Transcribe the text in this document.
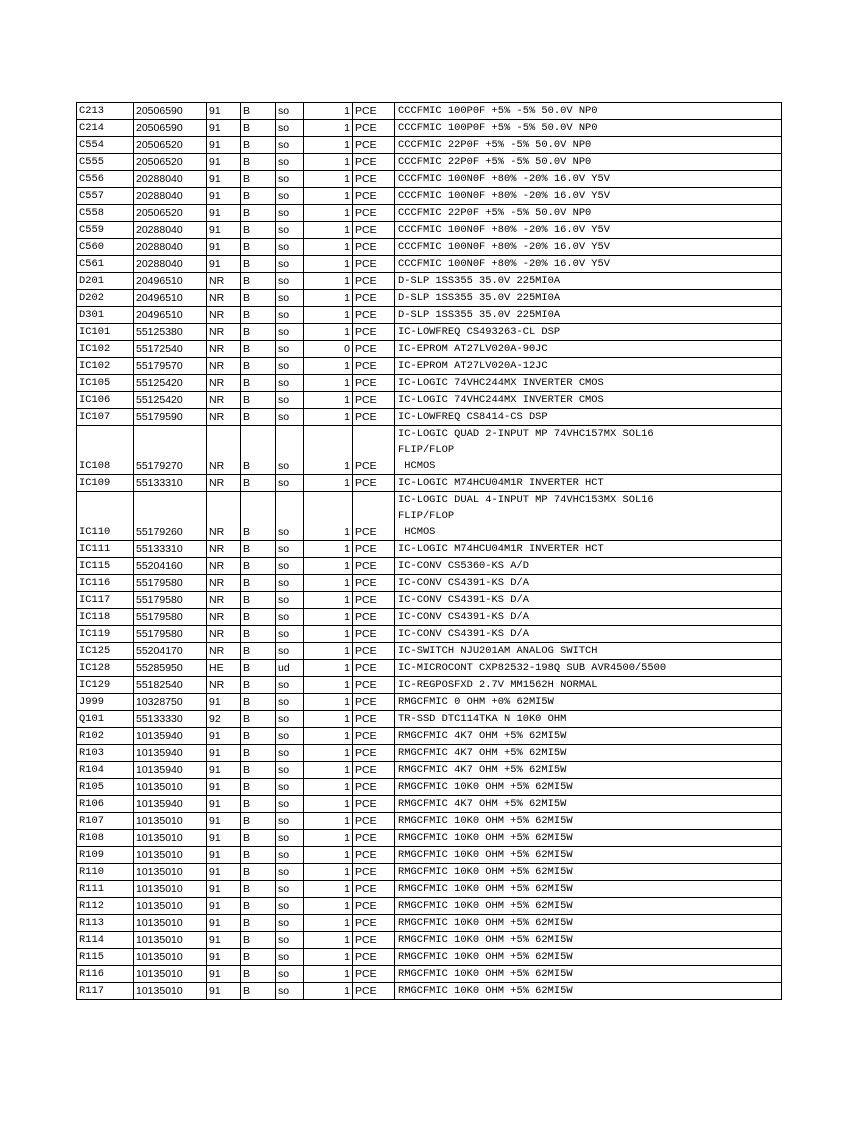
C213	20506590	91	B	so	1	PCE	CCCFMIC 100P0F +5% -5% 50.0V NP0
C214	20506590	91	B	so	1	PCE	CCCFMIC 100P0F +5% -5% 50.0V NP0
C554	20506520	91	B	so	1	PCE	CCCFMIC 22P0F +5% -5% 50.0V NP0
C555	20506520	91	B	so	1	PCE	CCCFMIC 22P0F +5% -5% 50.0V NP0
C556	20288040	91	B	so	1	PCE	CCCFMIC 100N0F +80% -20% 16.0V Y5V
C557	20288040	91	B	so	1	PCE	CCCFMIC 100N0F +80% -20% 16.0V Y5V
C558	20506520	91	B	so	1	PCE	CCCFMIC 22P0F +5% -5% 50.0V NP0
C559	20288040	91	B	so	1	PCE	CCCFMIC 100N0F +80% -20% 16.0V Y5V
C560	20288040	91	B	so	1	PCE	CCCFMIC 100N0F +80% -20% 16.0V Y5V
C561	20288040	91	B	so	1	PCE	CCCFMIC 100N0F +80% -20% 16.0V Y5V
D201	20496510	NR	B	so	1	PCE	D-SLP 1SS355 35.0V 225MI0A
D202	20496510	NR	B	so	1	PCE	D-SLP 1SS355 35.0V 225MI0A
D301	20496510	NR	B	so	1	PCE	D-SLP 1SS355 35.0V 225MI0A
IC101	55125380	NR	B	so	1	PCE	IC-LOWFREQ CS493263-CL DSP
IC102	55172540	NR	B	so	0	PCE	IC-EPROM AT27LV020A-90JC
IC102	55179570	NR	B	so	1	PCE	IC-EPROM AT27LV020A-12JC
IC105	55125420	NR	B	so	1	PCE	IC-LOGIC 74VHC244MX INVERTER CMOS
IC106	55125420	NR	B	so	1	PCE	IC-LOGIC 74VHC244MX INVERTER CMOS
IC107	55179590	NR	B	so	1	PCE	IC-LOWFREQ CS8414-CS DSP
IC108	55179270	NR	B	so	1	PCE	IC-LOGIC QUAD 2-INPUT MP 74VHC157MX SOL16
FLIP/FLOP
HCMOS
IC109	55133310	NR	B	so	1	PCE	IC-LOGIC M74HCU04M1R INVERTER HCT
IC110	55179260	NR	B	so	1	PCE	IC-LOGIC DUAL 4-INPUT MP 74VHC153MX SOL16
FLIP/FLOP
HCMOS
IC111	55133310	NR	B	so	1	PCE	IC-LOGIC M74HCU04M1R INVERTER HCT
IC115	55204160	NR	B	so	1	PCE	IC-CONV CS5360-KS A/D
IC116	55179580	NR	B	so	1	PCE	IC-CONV CS4391-KS D/A
IC117	55179580	NR	B	so	1	PCE	IC-CONV CS4391-KS D/A
IC118	55179580	NR	B	so	1	PCE	IC-CONV CS4391-KS D/A
IC119	55179580	NR	B	so	1	PCE	IC-CONV CS4391-KS D/A
IC125	55204170	NR	B	so	1	PCE	IC-SWITCH NJU201AM ANALOG SWITCH
IC128	55285950	HE	B	ud	1	PCE	IC-MICROCONT CXP82532-198Q SUB AVR4500/5500
IC129	55182540	NR	B	so	1	PCE	IC-REGPOSFXD 2.7V MM1562H NORMAL
J999	10328750	91	B	so	1	PCE	RMGCFMIC 0 OHM +0% 62MI5W
Q101	55133330	92	B	so	1	PCE	TR-SSD DTC114TKA N 10K0 OHM
R102	10135940	91	B	so	1	PCE	RMGCFMIC 4K7 OHM +5% 62MI5W
R103	10135940	91	B	so	1	PCE	RMGCFMIC 4K7 OHM +5% 62MI5W
R104	10135940	91	B	so	1	PCE	RMGCFMIC 4K7 OHM +5% 62MI5W
R105	10135010	91	B	so	1	PCE	RMGCFMIC 10K0 OHM +5% 62MI5W
R106	10135940	91	B	so	1	PCE	RMGCFMIC 4K7 OHM +5% 62MI5W
R107	10135010	91	B	so	1	PCE	RMGCFMIC 10K0 OHM +5% 62MI5W
R108	10135010	91	B	so	1	PCE	RMGCFMIC 10K0 OHM +5% 62MI5W
R109	10135010	91	B	so	1	PCE	RMGCFMIC 10K0 OHM +5% 62MI5W
R110	10135010	91	B	so	1	PCE	RMGCFMIC 10K0 OHM +5% 62MI5W
R111	10135010	91	B	so	1	PCE	RMGCFMIC 10K0 OHM +5% 62MI5W
R112	10135010	91	B	so	1	PCE	RMGCFMIC 10K0 OHM +5% 62MI5W
R113	10135010	91	B	so	1	PCE	RMGCFMIC 10K0 OHM +5% 62MI5W
R114	10135010	91	B	so	1	PCE	RMGCFMIC 10K0 OHM +5% 62MI5W
R115	10135010	91	B	so	1	PCE	RMGCFMIC 10K0 OHM +5% 62MI5W
R116	10135010	91	B	so	1	PCE	RMGCFMIC 10K0 OHM +5% 62MI5W
R117	10135010	91	B	so	1	PCE	RMGCFMIC 10K0 OHM +5% 62MI5W
